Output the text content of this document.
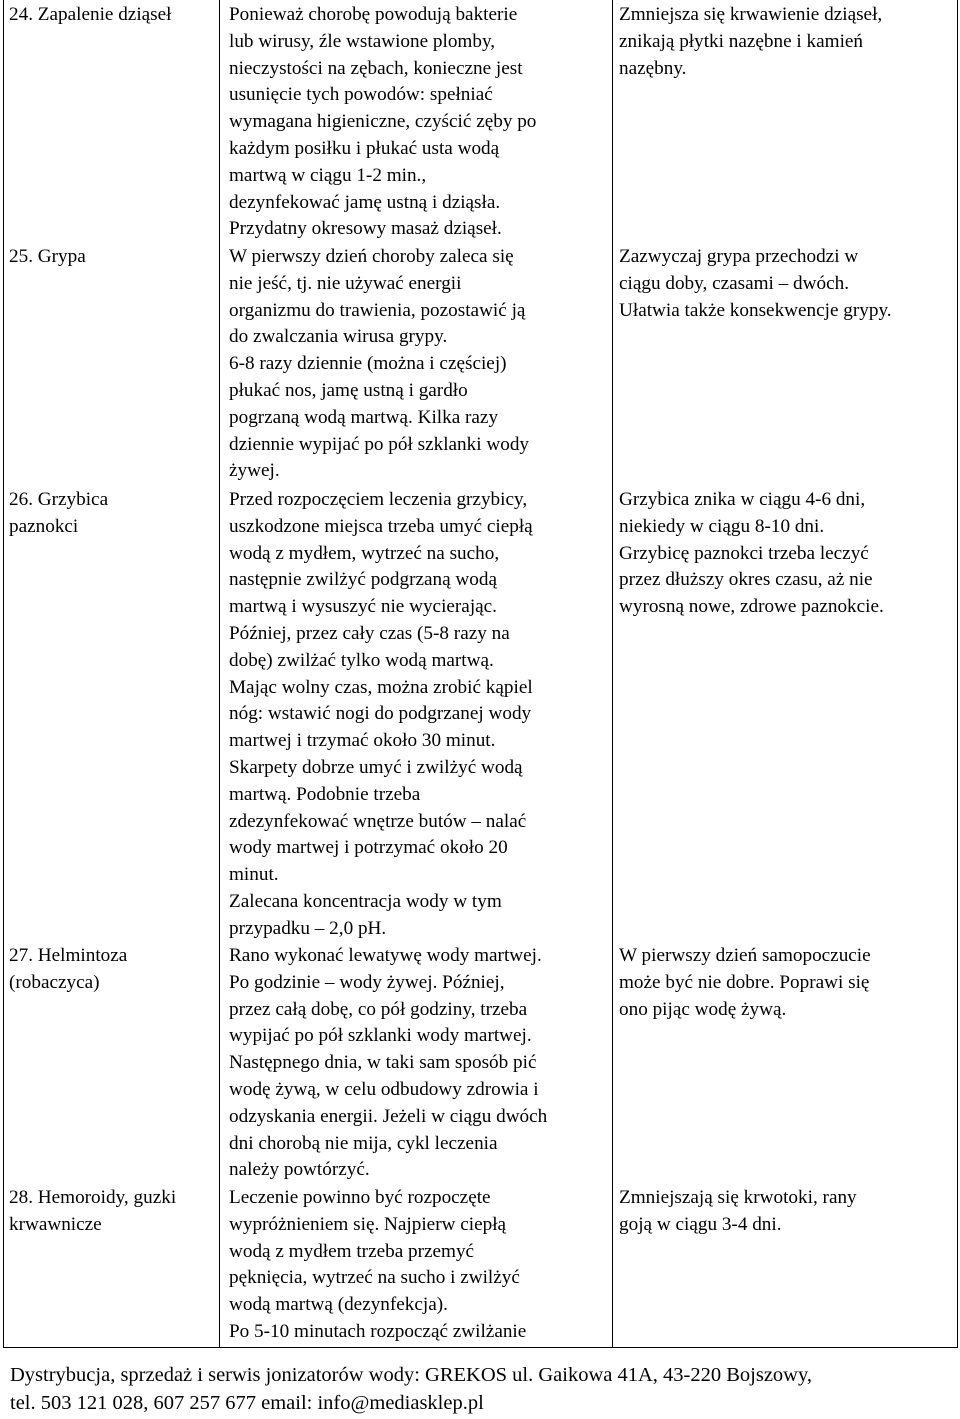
24. Zapalenie dziąseł	Ponieważ chorobę powodują bakterie
lub wirusy, źle wstawione plomby,
nieczystości na zębach, konieczne jest
usunięcie tych powodów: spełniać
wymagana higieniczne, czyścić zęby po
każdym posiłku i płukać usta wodą
martwą w ciągu 1-2 min.,
dezynfekować jamę ustną i dziąsła.
Przydatny okresowy masaż dziąseł.
Zmniejsza się krwawienie dziąseł,
znikają płytki nazębne i kamień
nazębny.
25. Grypa	W pierwszy dzień choroby zaleca się
nie jeść, tj. nie używać energii
organizmu do trawienia, pozostawić ją
do zwalczania wirusa grypy.
6-8 razy dziennie (można i częściej)
płukać nos, jamę ustną i gardło
pogrzaną wodą martwą. Kilka razy
dziennie wypijać po pół szklanki wody
żywej.
Zazwyczaj grypa przechodzi w
ciągu doby, czasami – dwóch.
Ułatwia także konsekwencje grypy.
26. Grzybica
paznokci
Przed rozpoczęciem leczenia grzybicy,
uszkodzone miejsca trzeba umyć ciepłą
wodą z mydłem, wytrzeć na sucho,
następnie zwilżyć podgrzaną wodą
martwą i wysuszyć nie wycierając.
Później, przez cały czas (5-8 razy na
dobę) zwilżać tylko wodą martwą.
Mając wolny czas, można zrobić kąpiel
nóg: wstawić nogi do podgrzanej wody
martwej i trzymać około 30 minut.
Skarpety dobrze umyć i zwilżyć wodą
martwą. Podobnie trzeba
zdezynfekować wnętrze butów – nalać
wody martwej i potrzymać około 20
minut.
Zalecana koncentracja wody w tym
przypadku – 2,0 pH.
Grzybica znika w ciągu 4-6 dni,
niekiedy w ciągu 8-10 dni.
Grzybicę paznokci trzeba leczyć
przez dłuższy okres czasu, aż nie
wyrosną nowe, zdrowe paznokcie.
27. Helmintoza
(robaczyca)
Rano wykonać lewatywę wody martwej.
Po godzinie – wody żywej. Później,
przez całą dobę, co pół godziny, trzeba
wypijać po pół szklanki wody martwej.
Następnego dnia, w taki sam sposób pić
wodę żywą, w celu odbudowy zdrowia i
odzyskania energii. Jeżeli w ciągu dwóch
dni chorobą nie mija, cykl leczenia
należy powtórzyć.
W pierwszy dzień samopoczucie
może być nie dobre. Poprawi się
ono pijąc wodę żywą.
28. Hemoroidy, guzki
krwawnicze
Leczenie powinno być rozpoczęte
wypróżnieniem się. Najpierw ciepłą
wodą z mydłem trzeba przemyć
pęknięcia, wytrzeć na sucho i zwilżyć
wodą martwą (dezynfekcja).
Po 5-10 minutach rozpocząć zwilżanie
Zmniejszają się krwotoki, rany
goją w ciągu 3-4 dni.
Dystrybucja, sprzedaż i serwis jonizatorów wody: GREKOS ul. Gaikowa 41A, 43-220 Bojszowy,
tel. 503 121 028, 607 257 677 email: info@mediasklep.pl
